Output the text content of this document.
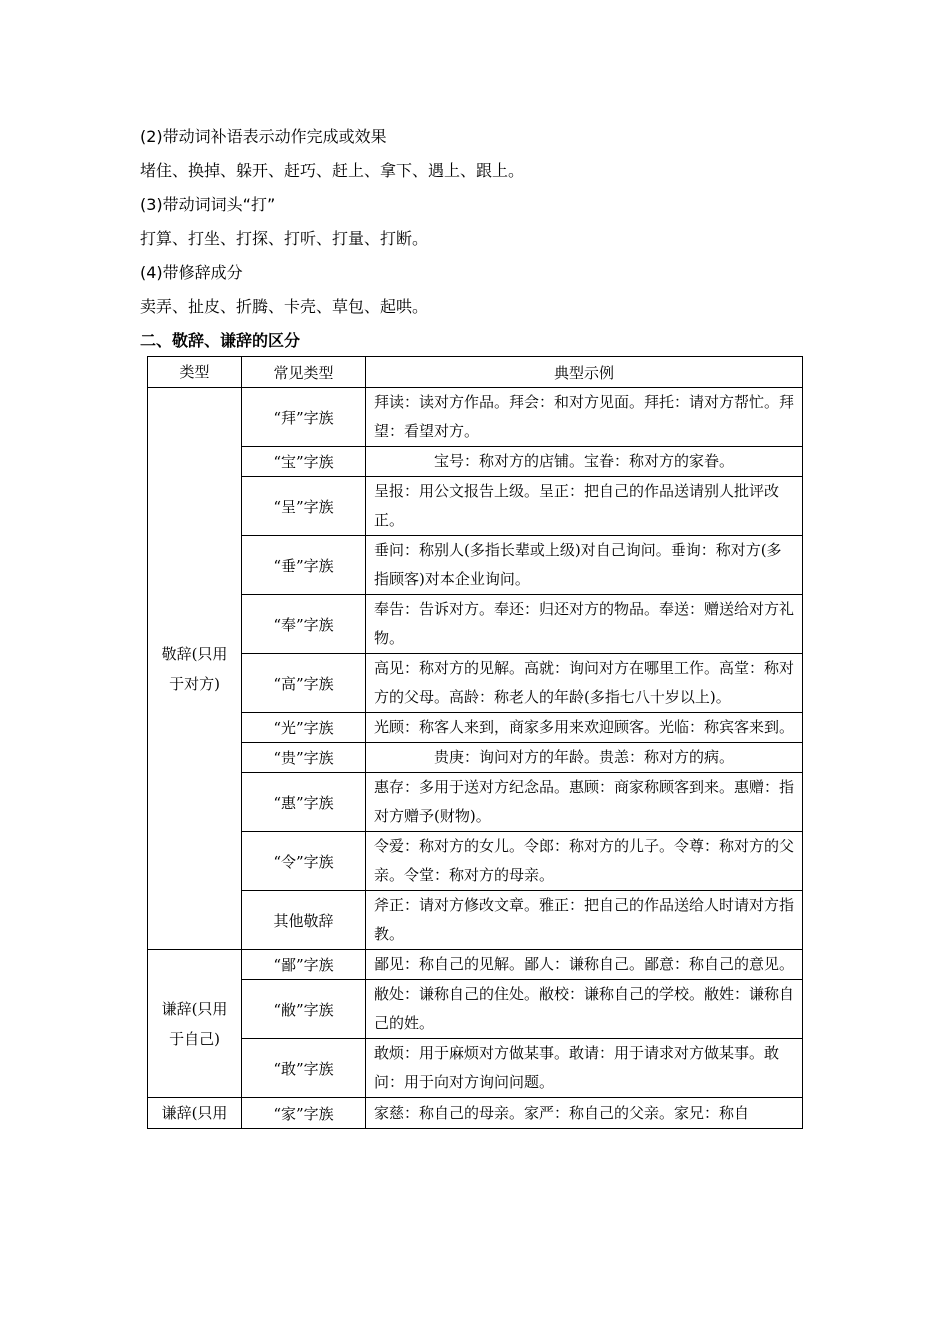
(2)带动词补语表示动作完成或效果
堵住、换掉、躲开、赶巧、赶上、拿下、遇上、跟上。
(3)带动词词头“打”
打算、打坐、打探、打听、打量、打断。
(4)带修辞成分
卖弄、扯皮、折腾、卡壳、草包、起哄。
二、敬辞、谦辞的区分
类型	常见类型	典型示例
敬辞(只用于对方)	“拜”字族	拜读：读对方作品。拜会：和对方见面。拜托：请对方帮忙。拜望：看望对方。
	“宝”字族	宝号：称对方的店铺。宝眷：称对方的家眷。
	“呈”字族	呈报：用公文报告上级。呈正：把自己的作品送请别人批评改正。
	“垂”字族	垂问：称别人(多指长辈或上级)对自己询问。垂询：称对方(多指顾客)对本企业询问。
	“奉”字族	奉告：告诉对方。奉还：归还对方的物品。奉送：赠送给对方礼物。
	“高”字族	高见：称对方的见解。高就：询问对方在哪里工作。高堂：称对方的父母。高龄：称老人的年龄(多指七八十岁以上)。
	“光”字族	光顾：称客人来到，商家多用来欢迎顾客。光临：称宾客来到。
	“贵”字族	贵庚：询问对方的年龄。贵恙：称对方的病。
	“惠”字族	惠存：多用于送对方纪念品。惠顾：商家称顾客到来。惠赠：指对方赠予(财物)。
	“令”字族	令爱：称对方的女儿。令郎：称对方的儿子。令尊：称对方的父亲。令堂：称对方的母亲。
	其他敬辞	斧正：请对方修改文章。雅正：把自己的作品送给人时请对方指教。
谦辞(只用于自己)	“鄙”字族	鄙见：称自己的见解。鄙人：谦称自己。鄙意：称自己的意见。
	“敝”字族	敝处：谦称自己的住处。敝校：谦称自己的学校。敝姓：谦称自己的姓。
	“敢”字族	敢烦：用于麻烦对方做某事。敢请：用于请求对方做某事。敢问：用于向对方询问问题。
谦辞(只用	“家”字族	家慈：称自己的母亲。家严：称自己的父亲。家兄：称自
